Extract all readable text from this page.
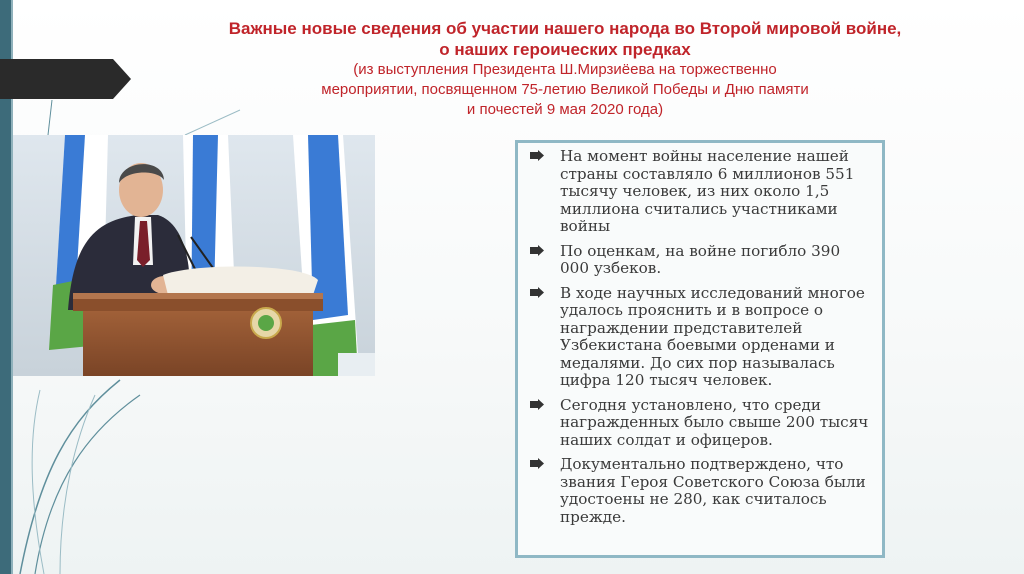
Важные новые сведения об участии нашего народа во Второй мировой войне,

о наших героических предках

(из выступления Президента Ш.Мирзиёева на торжественно

мероприятии, посвященном 75-летию Великой Победы и Дню памяти

и почестей 9 мая 2020 года)

На момент войны население нашей страны составляло 6 миллионов 551 тысячу человек, из них около 1,5 миллиона считались участниками войны
По оценкам, на войне погибло 390 000 узбеков.
В ходе научных исследований многое удалось прояснить и в вопросе о награждении представителей Узбекистана боевыми орденами и медалями. До сих пор называлась цифра 120 тысяч человек.
Сегодня установлено, что среди награжденных было свыше 200 тысяч наших солдат и офицеров.
Документально подтверждено, что звания Героя Советского Союза были удостоены не 280, как считалось прежде.
